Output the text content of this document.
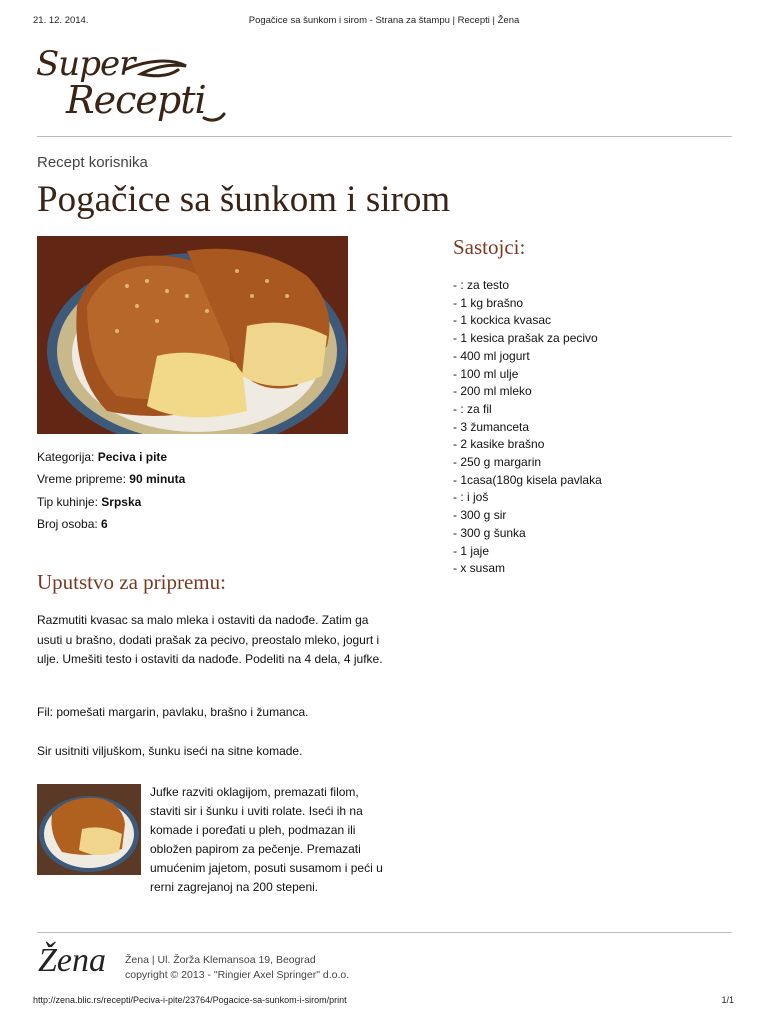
21. 12. 2014.	Pogačice sa šunkom i sirom - Strana za štampu | Recepti | Žena
Super
Recepti
Recept korisnika
Pogačice sa šunkom i sirom
Kategorija: Peciva i pite
Vreme pripreme: 90 minuta
Tip kuhinje: Srpska
Broj osoba: 6
Sastojci:
- : za testo
- 1 kg brašno
- 1 kockica kvasac
- 1 kesica prašak za pecivo
- 400 ml jogurt
- 100 ml ulje
- 200 ml mleko
- : za fil
- 3 žumanceta
- 2 kasike brašno
- 250 g margarin
- 1casa(180g kisela pavlaka
- : i još
- 300 g sir
- 300 g šunka
- 1 jaje
- x susam
Uputstvo za pripremu:

Razmutiti kvasac sa malo mleka i ostaviti da nadođe. Zatim ga usuti u brašno, dodati prašak za pecivo, preostalo mleko, jogurt i ulje. Umešiti testo i ostaviti da nadođe. Podeliti na 4 dela, 4 jufke.

Fil: pomešati margarin, pavlaku, brašno i žumanca.

Sir usitniti viljuškom, šunku iseći na sitne komade.

Jufke razviti oklagijom, premazati filom, staviti sir i šunku i uviti rolate. Iseći ih na komade i poređati u pleh, podmazan ili obložen papirom za pečenje. Premazati umućenim jajetom, posuti susamom i peći u rerni zagrejanoj na 200 stepeni.

Žena Žena | Ul. Žorža Klemansoa 19, Beograd
copyright © 2013 - "Ringier Axel Springer" d.o.o.
http://zena.blic.rs/recepti/Peciva-i-pite/23764/Pogacice-sa-sunkom-i-sirom/print	1/1
